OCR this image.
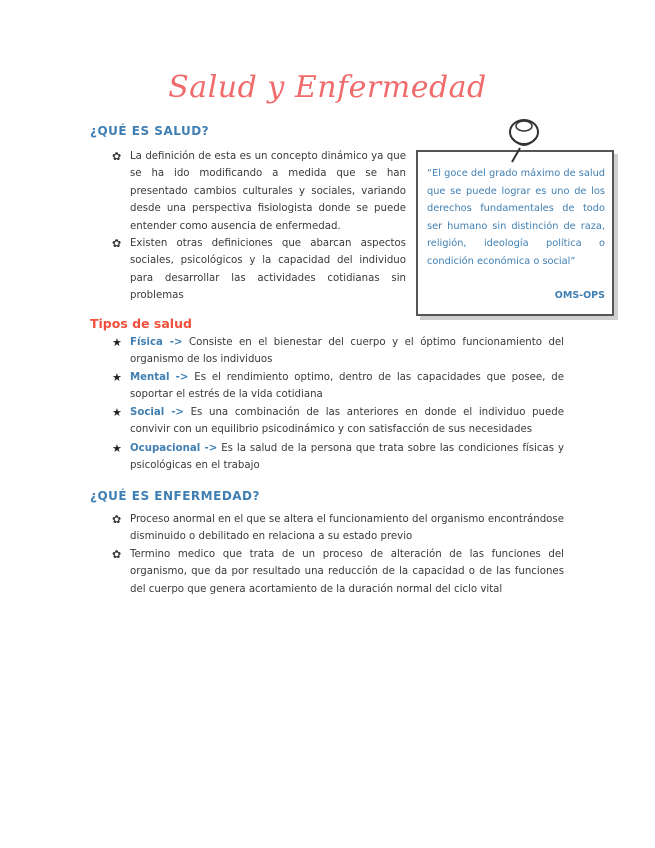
Salud y Enfermedad
¿QUÉ ES SALUD?
✿ La definición de esta es un concepto dinámico ya que se ha ido modificando a medida que se han presentado cambios culturales y sociales, variando desde una perspectiva fisiologista donde se puede entender como ausencia de enfermedad.
✿ Existen otras definiciones que abarcan aspectos sociales, psicológicos y la capacidad del individuo para desarrollar las actividades cotidianas sin problemas
“El goce del grado máximo de salud que se puede lograr es uno de los derechos fundamentales de todo ser humano sin distinción de raza, religión, ideología política o condición económica o social”
OMS-OPS
Tipos de salud
★ Física -> Consiste en el bienestar del cuerpo y el óptimo funcionamiento del organismo de los individuos
★ Mental -> Es el rendimiento optimo, dentro de las capacidades que posee, de soportar el estrés de la vida cotidiana
★ Social -> Es una combinación de las anteriores en donde el individuo puede convivir con un equilibrio psicodinámico y con satisfacción de sus necesidades
★ Ocupacional -> Es la salud de la persona que trata sobre las condiciones físicas y psicológicas en el trabajo
¿QUÉ ES ENFERMEDAD?
✿ Proceso anormal en el que se altera el funcionamiento del organismo encontrándose disminuido o debilitado en relaciona a su estado previo
✿ Termino medico que trata de un proceso de alteración de las funciones del organismo, que da por resultado una reducción de la capacidad o de las funciones del cuerpo que genera acortamiento de la duración normal del ciclo vital
